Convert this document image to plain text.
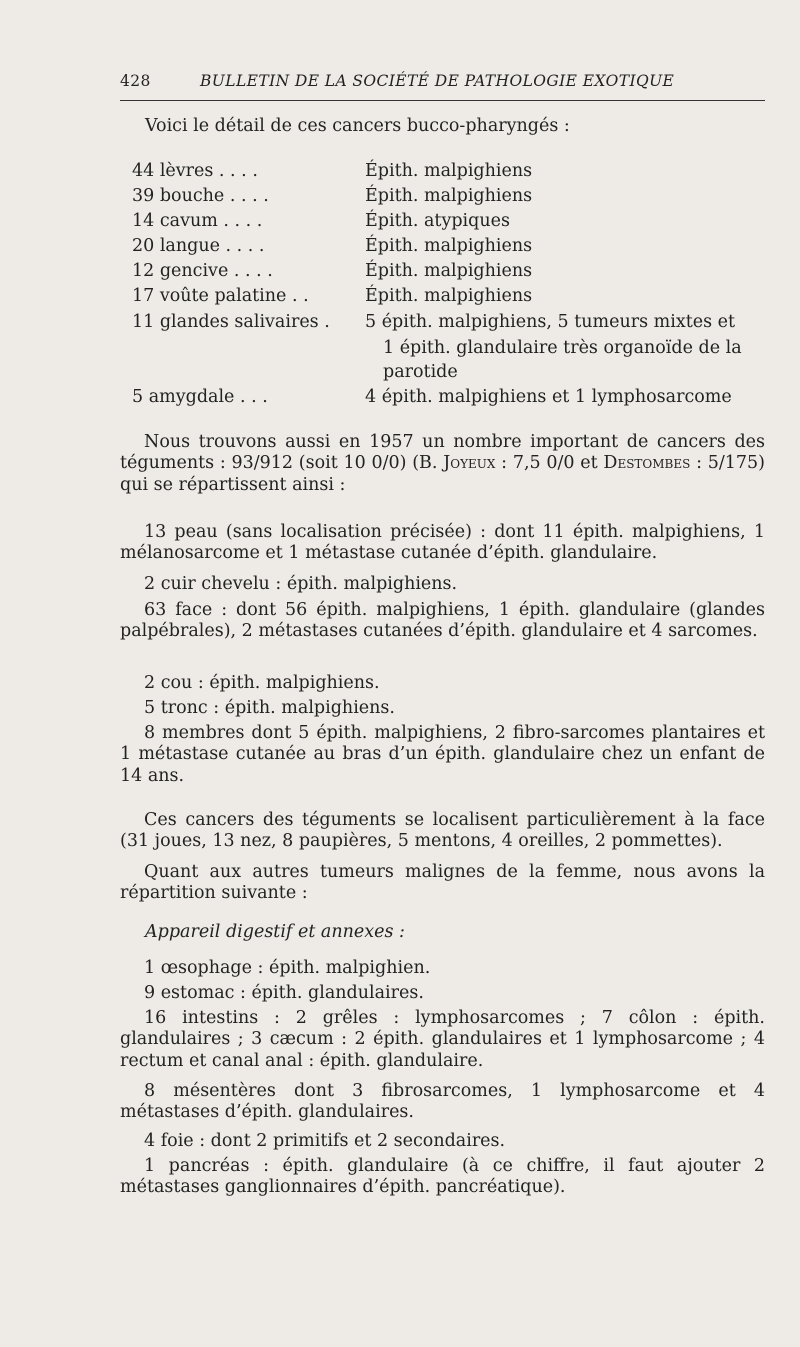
428	BULLETIN DE LA SOCIÉTÉ DE PATHOLOGIE EXOTIQUE
Voici le détail de ces cancers bucco-pharyngés :
44 lèvres . . . .	Épith. malpighiens
39 bouche . . . .	Épith. malpighiens
14 cavum . . . .	Épith. atypiques
20 langue . . . .	Épith. malpighiens
12 gencive . . . .	Épith. malpighiens
17 voûte palatine . .	Épith. malpighiens
11 glandes salivaires . 5 épith. malpighiens, 5 tumeurs mixtes et
1 épith. glandulaire très organoïde de la
parotide
5 amygdale . . .	4 épith. malpighiens et 1 lymphosarcome
Nous trouvons aussi en 1957 un nombre important de cancers des téguments : 93/912 (soit 10 0/0) (B. Joyeux : 7,5 0/0 et Destombes : 5/175) qui se répartissent ainsi :
13 peau (sans localisation précisée) : dont 11 épith. malpighiens, 1 mélanosarcome et 1 métastase cutanée d’épith. glandulaire.
2 cuir chevelu : épith. malpighiens.
63 face : dont 56 épith. malpighiens, 1 épith. glandulaire (glandes palpébrales), 2 métastases cutanées d’épith. glandulaire et 4 sarcomes.
2 cou : épith. malpighiens.
5 tronc : épith. malpighiens.
8 membres dont 5 épith. malpighiens, 2 fibro-sarcomes plantaires et 1 métastase cutanée au bras d’un épith. glandulaire chez un enfant de 14 ans.
Ces cancers des téguments se localisent particulièrement à la face (31 joues, 13 nez, 8 paupières, 5 mentons, 4 oreilles, 2 pommettes).
Quant aux autres tumeurs malignes de la femme, nous avons la répartition suivante :
Appareil digestif et annexes :
1 œsophage : épith. malpighien.
9 estomac : épith. glandulaires.
16 intestins : 2 grêles : lymphosarcomes ; 7 côlon : épith. glandulaires ; 3 cæcum : 2 épith. glandulaires et 1 lymphosarcome ; 4 rectum et canal anal : épith. glandulaire.
8 mésentères dont 3 fibrosarcomes, 1 lymphosarcome et 4 métastases d’épith. glandulaires.
4 foie : dont 2 primitifs et 2 secondaires.
1 pancréas : épith. glandulaire (à ce chiffre, il faut ajouter 2 métastases ganglionnaires d’épith. pancréatique).
